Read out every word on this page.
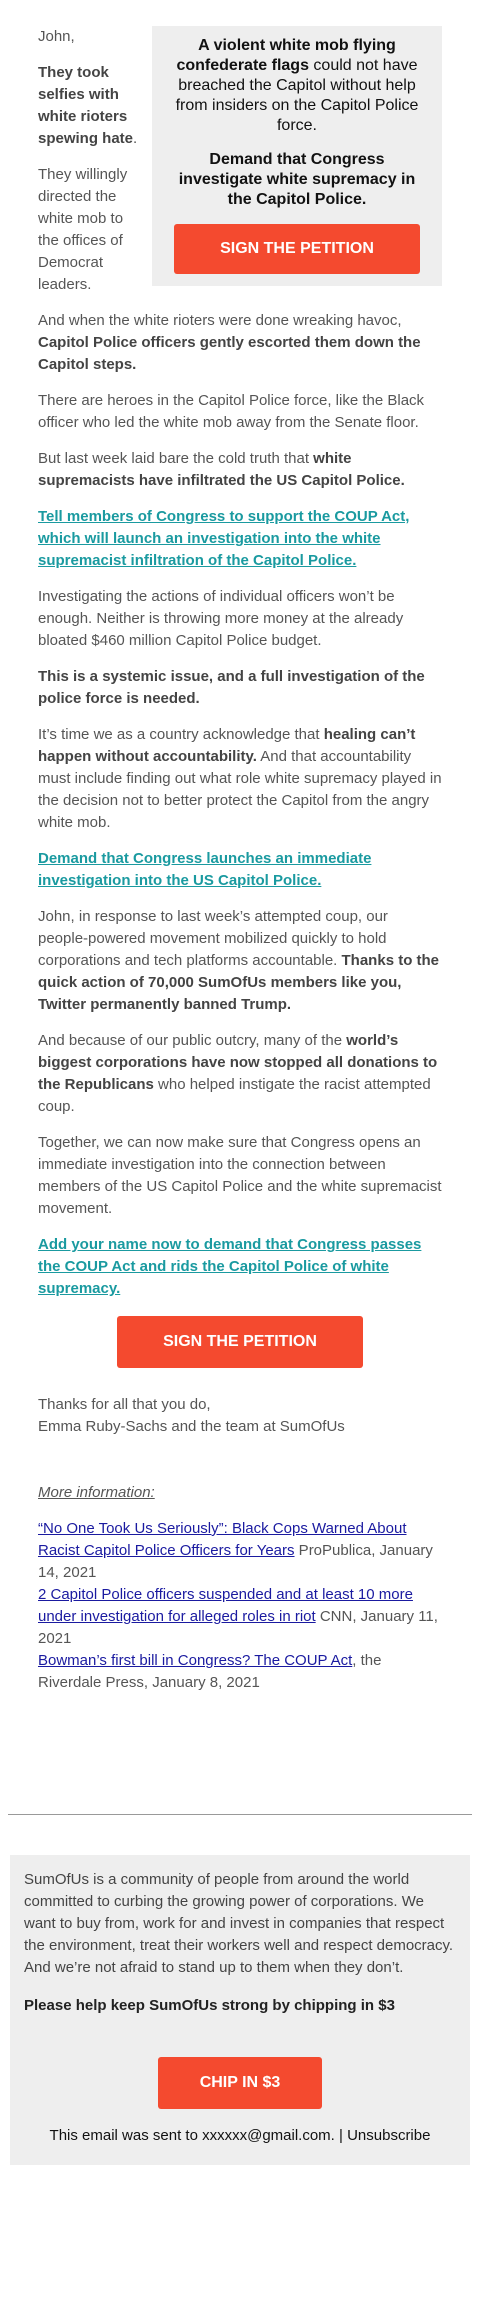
A violent white mob flying confederate flags could not have breached the Capitol without help from insiders on the Capitol Police force.

Demand that Congress investigate white supremacy in the Capitol Police.

SIGN THE PETITION

John,

They took selfies with white rioters spewing hate.

They willingly directed the white mob to the offices of Democrat leaders.

And when the white rioters were done wreaking havoc, Capitol Police officers gently escorted them down the Capitol steps.

There are heroes in the Capitol Police force, like the Black officer who led the white mob away from the Senate floor.

But last week laid bare the cold truth that white supremacists have infiltrated the US Capitol Police.

Tell members of Congress to support the COUP Act, which will launch an investigation into the white supremacist infiltration of the Capitol Police.

Investigating the actions of individual officers won’t be enough. Neither is throwing more money at the already bloated $460 million Capitol Police budget.

This is a systemic issue, and a full investigation of the police force is needed.

It’s time we as a country acknowledge that healing can’t happen without accountability. And that accountability must include finding out what role white supremacy played in the decision not to better protect the Capitol from the angry white mob.

Demand that Congress launches an immediate investigation into the US Capitol Police.

John, in response to last week’s attempted coup, our people-powered movement mobilized quickly to hold corporations and tech platforms accountable. Thanks to the quick action of 70,000 SumOfUs members like you, Twitter permanently banned Trump.

And because of our public outcry, many of the world’s biggest corporations have now stopped all donations to the Republicans who helped instigate the racist attempted coup.

Together, we can now make sure that Congress opens an immediate investigation into the connection between members of the US Capitol Police and the white supremacist movement.

Add your name now to demand that Congress passes the COUP Act and rids the Capitol Police of white supremacy.

SIGN THE PETITION

Thanks for all that you do,
Emma Ruby-Sachs and the team at SumOfUs

More information:

“No One Took Us Seriously”: Black Cops Warned About Racist Capitol Police Officers for Years ProPublica, January 14, 2021

2 Capitol Police officers suspended and at least 10 more under investigation for alleged roles in riot CNN, January 11, 2021

Bowman’s first bill in Congress? The COUP Act, the Riverdale Press, January 8, 2021

SumOfUs is a community of people from around the world committed to curbing the growing power of corporations. We want to buy from, work for and invest in companies that respect the environment, treat their workers well and respect democracy. And we’re not afraid to stand up to them when they don’t.

Please help keep SumOfUs strong by chipping in $3

CHIP IN $3

This email was sent to xxxxxx@gmail.com. | Unsubscribe
